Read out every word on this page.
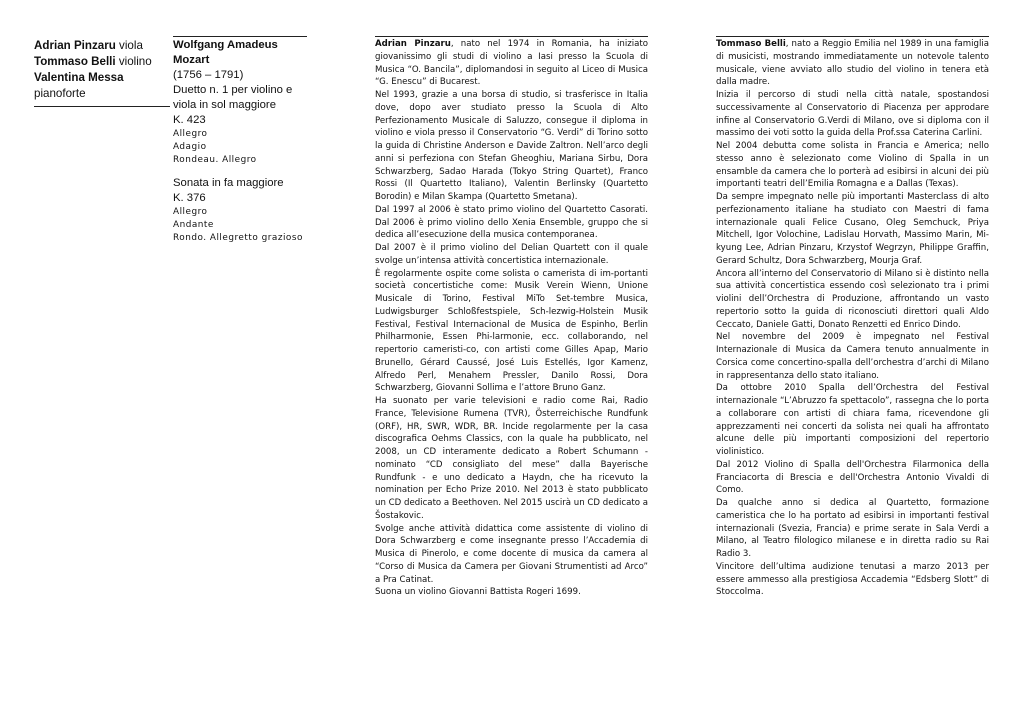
Adrian Pinzaru viola
Tommaso Belli violino
Valentina Messa
pianoforte
Wolfgang Amadeus
Mozart
(1756 – 1791)
Duetto n. 1 per violino e
viola in sol maggiore
K. 423
Allegro
Adagio
Rondeau. Allegro
Sonata in fa maggiore
K. 376
Allegro
Andante
Rondo. Allegretto grazioso

Adrian Pinzaru, nato nel 1974 in Romania, ha iniziato giovanissimo gli studi di violino a Iasi presso la Scuola di Musica “O. Bancila”, diplomandosi in seguito al Liceo di Musica “G. Enescu” di Bucarest.

Nel 1993, grazie a una borsa di studio, si trasferisce in Italia dove, dopo aver studiato presso la Scuola di Alto Perfezionamento Musicale di Saluzzo, consegue il diploma in violino e viola presso il Conservatorio “G. Verdi” di Torino sotto la guida di Christine Anderson e Davide Zaltron. Nell’arco degli anni si perfeziona con Stefan Gheoghiu, Mariana Sirbu, Dora Schwarzberg, Sadao Harada (Tokyo String Quartet), Franco Rossi (Il Quartetto Italiano), Valentin Berlinsky (Quartetto Borodin) e Milan Skampa (Quartetto Smetana).

Dal 1997 al 2006 è stato primo violino del Quartetto Casorati. Dal 2006 è primo violino dello Xenia Ensemble, gruppo che si dedica all’esecuzione della musica contemporanea.

Dal 2007 è il primo violino del Delian Quartett con il quale svolge un’intensa attività concertistica internazionale.

È regolarmente ospite come solista o camerista di im-portanti società concertistiche come: Musik Verein Wienn, Unione Musicale di Torino, Festival MiTo Set-tembre Musica, Ludwigsburger Schloßfestspiele, Sch-lezwig-Holstein Musik Festival, Festival Internacional de Musica de Espinho, Berlin Philharmonie, Essen Phi-larmonie, ecc. collaborando, nel repertorio cameristi-co, con artisti come Gilles Apap, Mario Brunello, Gérard Caussé, José Luis Estellés, Igor Kamenz, Alfredo Perl, Menahem Pressler, Danilo Rossi, Dora Schwarzberg, Giovanni Sollima e l’attore Bruno Ganz.

Ha suonato per varie televisioni e radio come Rai, Radio France, Televisione Rumena (TVR), Österreichische Rundfunk (ORF), HR, SWR, WDR, BR. Incide regolarmente per la casa discografica Oehms Classics, con la quale ha pubblicato, nel 2008, un CD interamente dedicato a Robert Schumann - nominato “CD consigliato del mese” dalla Bayerische Rundfunk - e uno dedicato a Haydn, che ha ricevuto la nomination per Echo Prize 2010. Nel 2013 è stato pubblicato un CD dedicato a Beethoven. Nel 2015 uscirà un CD dedicato a Šostakovic.

Svolge anche attività didattica come assistente di violino di Dora Schwarzberg e come insegnante presso l’Accademia di Musica di Pinerolo, e come docente di musica da camera al “Corso di Musica da Camera per Giovani Strumentisti ad Arco” a Pra Catinat.

Suona un violino Giovanni Battista Rogeri 1699.

Tommaso Belli, nato a Reggio Emilia nel 1989 in una famiglia di musicisti, mostrando immediatamente un notevole talento musicale, viene avviato allo studio del violino in tenera età dalla madre.

Inizia il percorso di studi nella città natale, spostandosi successivamente al Conservatorio di Piacenza per approdare infine al Conservatorio G.Verdi di Milano, ove si diploma con il massimo dei voti sotto la guida della Prof.ssa Caterina Carlini.

Nel 2004 debutta come solista in Francia e America; nello stesso anno è selezionato come Violino di Spalla in un ensamble da camera che lo porterà ad esibirsi in alcuni dei più importanti teatri dell’Emilia Romagna e a Dallas (Texas).

Da sempre impegnato nelle più importanti Masterclass di alto perfezionamento italiane ha studiato con Maestri di fama internazionale quali Felice Cusano, Oleg Semchuck, Priya Mitchell, Igor Volochine, Ladislau Horvath, Massimo Marin, Mi-kyung Lee, Adrian Pinzaru, Krzystof Wegrzyn, Philippe Graffin, Gerard Schultz, Dora Schwarzberg, Mourja Graf.

Ancora all’interno del Conservatorio di Milano si è distinto nella sua attività concertistica essendo così selezionato tra i primi violini dell’Orchestra di Produzione, affrontando un vasto repertorio sotto la guida di riconosciuti direttori quali Aldo Ceccato, Daniele Gatti, Donato Renzetti ed Enrico Dindo.

Nel novembre del 2009 è impegnato nel Festival Internazionale di Musica da Camera tenuto annualmente in Corsica come concertino-spalla dell’orchestra d’archi di Milano in rappresentanza dello stato italiano.

Da ottobre 2010 Spalla dell’Orchestra del Festival internazionale “L’Abruzzo fa spettacolo”, rassegna che lo porta a collaborare con artisti di chiara fama, ricevendone gli apprezzamenti nei concerti da solista nei quali ha affrontato alcune delle più importanti composizioni del repertorio violinistico.

Dal 2012 Violino di Spalla dell'Orchestra Filarmonica della Franciacorta di Brescia e dell'Orchestra Antonio Vivaldi di Como.

Da qualche anno si dedica al Quartetto, formazione cameristica che lo ha portato ad esibirsi in importanti festival internazionali (Svezia, Francia) e prime serate in Sala Verdi a Milano, al Teatro filologico milanese e in diretta radio su Rai Radio 3.

Vincitore dell’ultima audizione tenutasi a marzo 2013 per essere ammesso alla prestigiosa Accademia “Edsberg Slott” di Stoccolma.
